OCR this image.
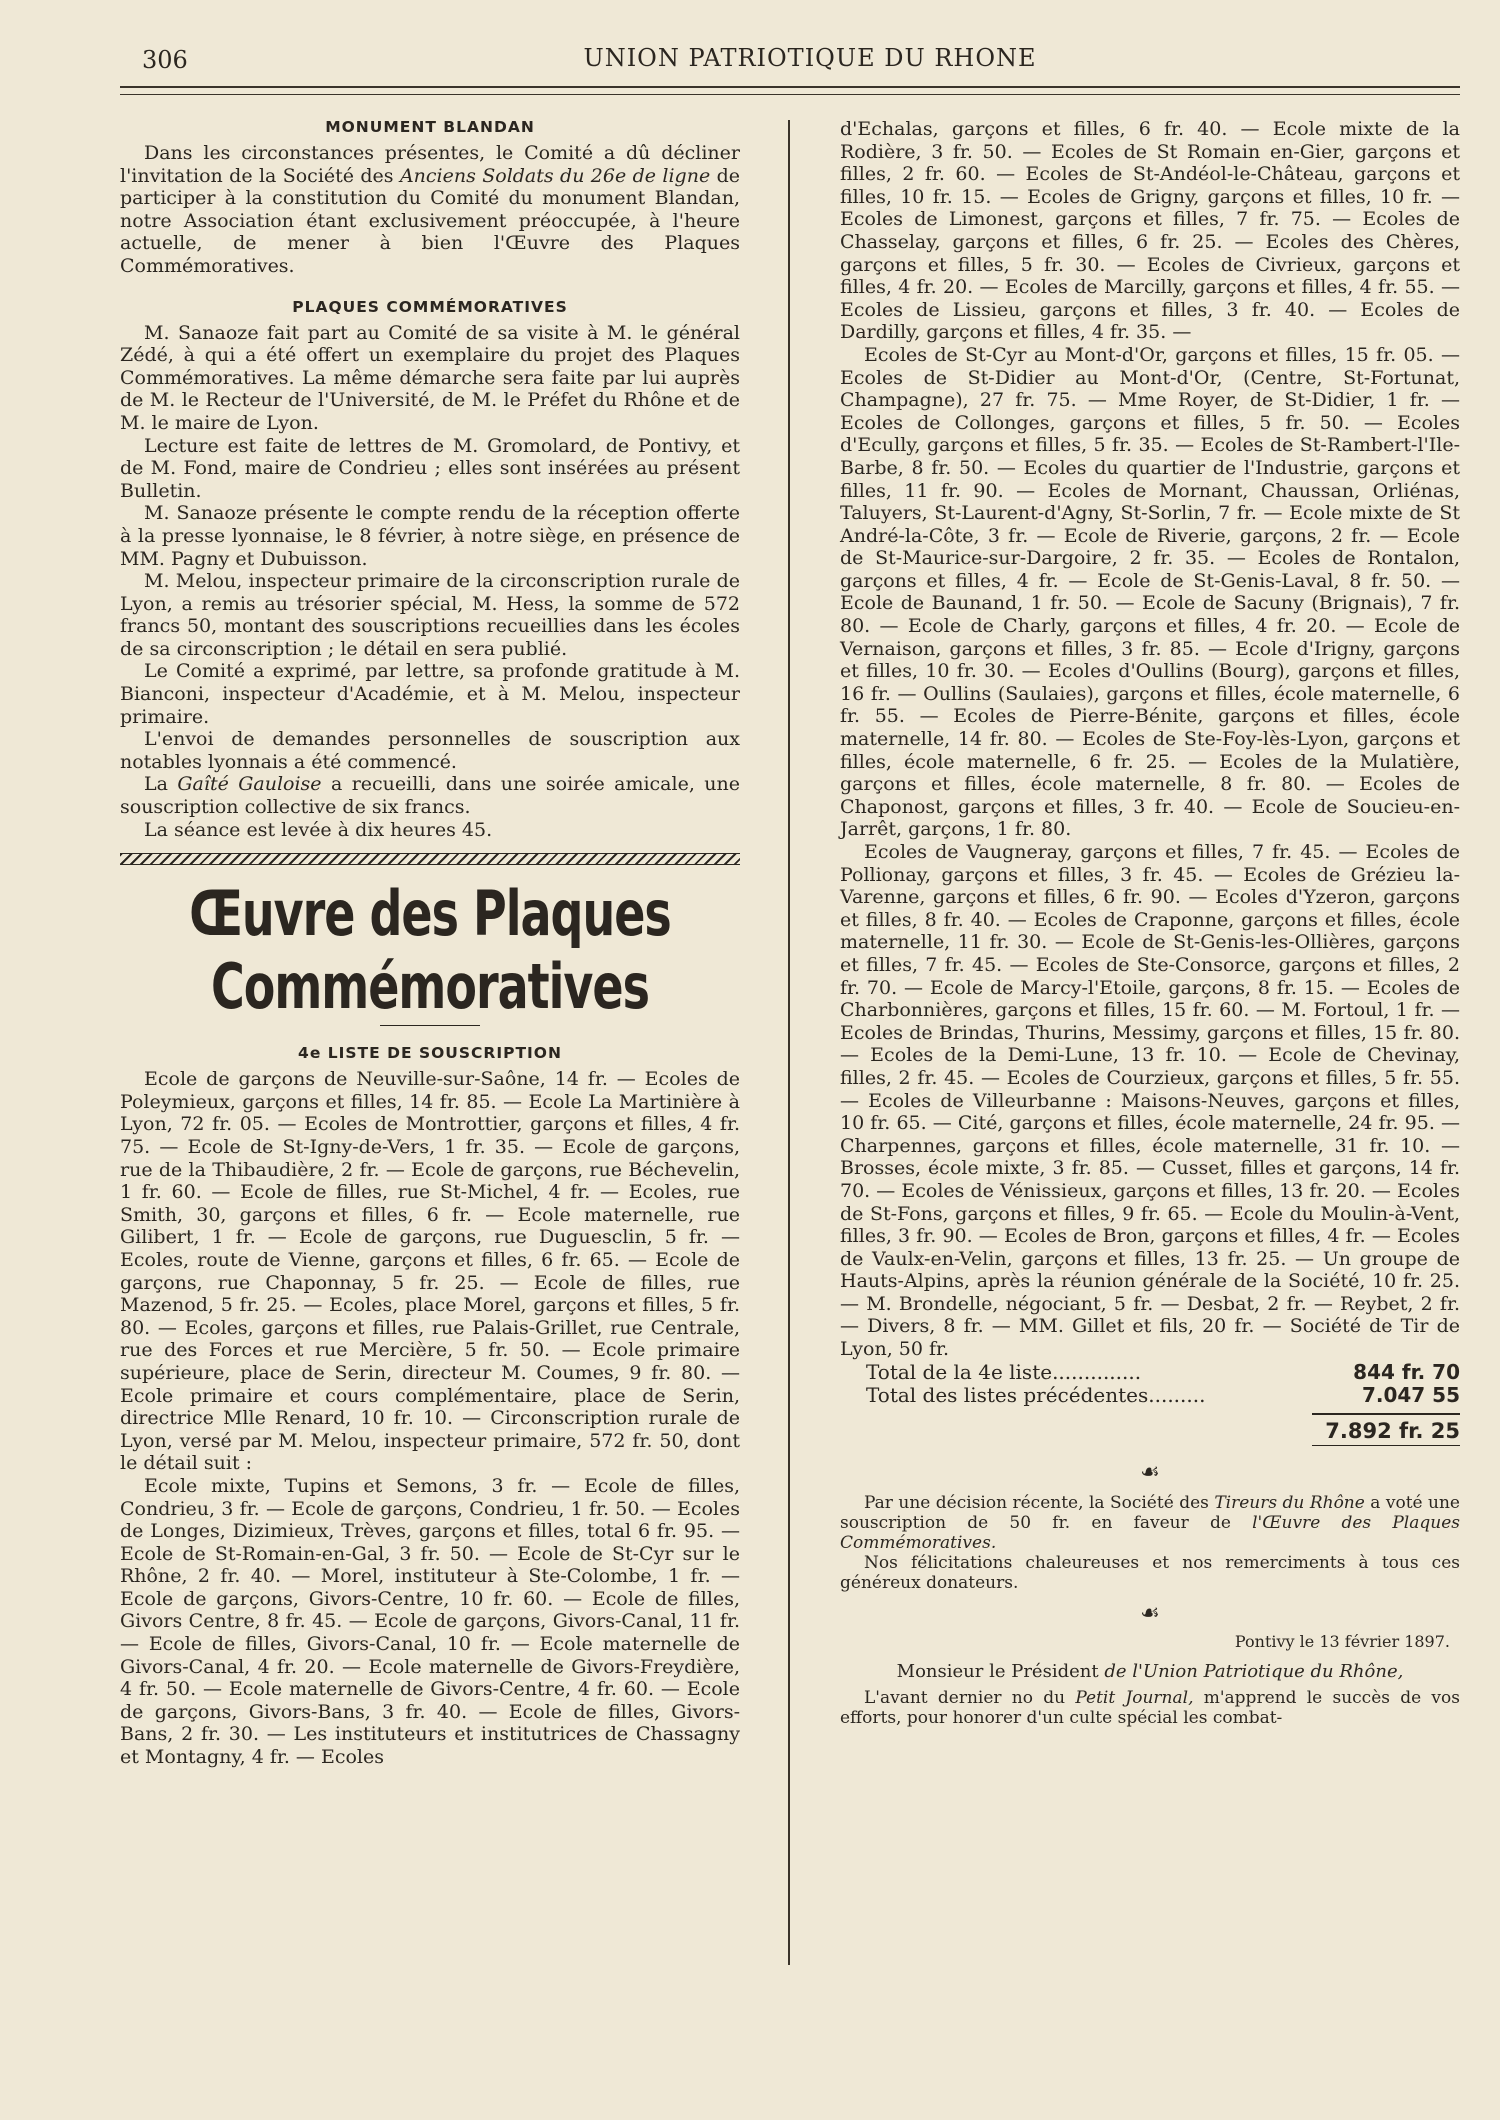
306	UNION PATRIOTIQUE DU RHONE
MONUMENT BLANDAN

Dans les circonstances présentes, le Comité a dû décliner l'invitation de la Société des Anciens Soldats du 26e de ligne de participer à la constitution du Comité du monument Blandan, notre Association étant exclusivement préoccupée, à l'heure actuelle, de mener à bien l'Œuvre des Plaques Commémoratives.

PLAQUES COMMÉMORATIVES

M. Sanaoze fait part au Comité de sa visite à M. le général Zédé, à qui a été offert un exemplaire du projet des Plaques Commémoratives. La même démarche sera faite par lui auprès de M. le Recteur de l'Université, de M. le Préfet du Rhône et de M. le maire de Lyon.

Lecture est faite de lettres de M. Gromolard, de Pontivy, et de M. Fond, maire de Condrieu ; elles sont insérées au présent Bulletin.

M. Sanaoze présente le compte rendu de la réception offerte à la presse lyonnaise, le 8 février, à notre siège, en présence de MM. Pagny et Dubuisson.

M. Melou, inspecteur primaire de la circonscription rurale de Lyon, a remis au trésorier spécial, M. Hess, la somme de 572 francs 50, montant des souscriptions recueillies dans les écoles de sa circonscription ; le détail en sera publié.

Le Comité a exprimé, par lettre, sa profonde gratitude à M. Bianconi, inspecteur d'Académie, et à M. Melou, inspecteur primaire.

L'envoi de demandes personnelles de souscription aux notables lyonnais a été commencé.

La Gaîté Gauloise a recueilli, dans une soirée amicale, une souscription collective de six francs.

La séance est levée à dix heures 45.

Œuvre des Plaques Commémoratives
4e LISTE DE SOUSCRIPTION

Ecole de garçons de Neuville-sur-Saône, 14 fr. — Ecoles de Poleymieux, garçons et filles, 14 fr. 85. — Ecole La Martinière à Lyon, 72 fr. 05. — Ecoles de Montrottier, garçons et filles, 4 fr. 75. — Ecole de St-Igny-de-Vers, 1 fr. 35. — Ecole de garçons, rue de la Thibaudière, 2 fr. — Ecole de garçons, rue Béchevelin, 1 fr. 60. — Ecole de filles, rue St-Michel, 4 fr. — Ecoles, rue Smith, 30, garçons et filles, 6 fr. — Ecole maternelle, rue Gilibert, 1 fr. — Ecole de garçons, rue Duguesclin, 5 fr. — Ecoles, route de Vienne, garçons et filles, 6 fr. 65. — Ecole de garçons, rue Chaponnay, 5 fr. 25. — Ecole de filles, rue Mazenod, 5 fr. 25. — Ecoles, place Morel, garçons et filles, 5 fr. 80. — Ecoles, garçons et filles, rue Palais-Grillet, rue Centrale, rue des Forces et rue Mercière, 5 fr. 50. — Ecole primaire supérieure, place de Serin, directeur M. Coumes, 9 fr. 80. — Ecole primaire et cours complémentaire, place de Serin, directrice Mlle Renard, 10 fr. 10. — Circonscription rurale de Lyon, versé par M. Melou, inspecteur primaire, 572 fr. 50, dont le détail suit :

Ecole mixte, Tupins et Semons, 3 fr. — Ecole de filles, Condrieu, 3 fr. — Ecole de garçons, Condrieu, 1 fr. 50. — Ecoles de Longes, Dizimieux, Trèves, garçons et filles, total 6 fr. 95. — Ecole de St-Romain-en-Gal, 3 fr. 50. — Ecole de St-Cyr sur le Rhône, 2 fr. 40. — Morel, instituteur à Ste-Colombe, 1 fr. — Ecole de garçons, Givors-Centre, 10 fr. 60. — Ecole de filles, Givors Centre, 8 fr. 45. — Ecole de garçons, Givors-Canal, 11 fr. — Ecole de filles, Givors-Canal, 10 fr. — Ecole maternelle de Givors-Canal, 4 fr. 20. — Ecole maternelle de Givors-Freydière, 4 fr. 50. — Ecole maternelle de Givors-Centre, 4 fr. 60. — Ecole de garçons, Givors-Bans, 3 fr. 40. — Ecole de filles, Givors-Bans, 2 fr. 30. — Les instituteurs et institutrices de Chassagny et Montagny, 4 fr. — Ecoles

d'Echalas, garçons et filles, 6 fr. 40. — Ecole mixte de la Rodière, 3 fr. 50. — Ecoles de St Romain en-Gier, garçons et filles, 2 fr. 60. — Ecoles de St-Andéol-le-Château, garçons et filles, 10 fr. 15. — Ecoles de Grigny, garçons et filles, 10 fr. — Ecoles de Limonest, garçons et filles, 7 fr. 75. — Ecoles de Chasselay, garçons et filles, 6 fr. 25. — Ecoles des Chères, garçons et filles, 5 fr. 30. — Ecoles de Civrieux, garçons et filles, 4 fr. 20. — Ecoles de Marcilly, garçons et filles, 4 fr. 55. — Ecoles de Lissieu, garçons et filles, 3 fr. 40. — Ecoles de Dardilly, garçons et filles, 4 fr. 35. —

Ecoles de St-Cyr au Mont-d'Or, garçons et filles, 15 fr. 05. — Ecoles de St-Didier au Mont-d'Or, (Centre, St-Fortunat, Champagne), 27 fr. 75. — Mme Royer, de St-Didier, 1 fr. — Ecoles de Collonges, garçons et filles, 5 fr. 50. — Ecoles d'Ecully, garçons et filles, 5 fr. 35. — Ecoles de St-Rambert-l'Ile-Barbe, 8 fr. 50. — Ecoles du quartier de l'Industrie, garçons et filles, 11 fr. 90. — Ecoles de Mornant, Chaussan, Orliénas, Taluyers, St-Laurent-d'Agny, St-Sorlin, 7 fr. — Ecole mixte de St André-la-Côte, 3 fr. — Ecole de Riverie, garçons, 2 fr. — Ecole de St-Maurice-sur-Dargoire, 2 fr. 35. — Ecoles de Rontalon, garçons et filles, 4 fr. — Ecole de St-Genis-Laval, 8 fr. 50. — Ecole de Baunand, 1 fr. 50. — Ecole de Sacuny (Brignais), 7 fr. 80. — Ecole de Charly, garçons et filles, 4 fr. 20. — Ecole de Vernaison, garçons et filles, 3 fr. 85. — Ecole d'Irigny, garçons et filles, 10 fr. 30. — Ecoles d'Oullins (Bourg), garçons et filles, 16 fr. — Oullins (Saulaies), garçons et filles, école maternelle, 6 fr. 55. — Ecoles de Pierre-Bénite, garçons et filles, école maternelle, 14 fr. 80. — Ecoles de Ste-Foy-lès-Lyon, garçons et filles, école maternelle, 6 fr. 25. — Ecoles de la Mulatière, garçons et filles, école maternelle, 8 fr. 80. — Ecoles de Chaponost, garçons et filles, 3 fr. 40. — Ecole de Soucieu-en-Jarrêt, garçons, 1 fr. 80.

Ecoles de Vaugneray, garçons et filles, 7 fr. 45. — Ecoles de Pollionay, garçons et filles, 3 fr. 45. — Ecoles de Grézieu la-Varenne, garçons et filles, 6 fr. 90. — Ecoles d'Yzeron, garçons et filles, 8 fr. 40. — Ecoles de Craponne, garçons et filles, école maternelle, 11 fr. 30. — Ecole de St-Genis-les-Ollières, garçons et filles, 7 fr. 45. — Ecoles de Ste-Consorce, garçons et filles, 2 fr. 70. — Ecole de Marcy-l'Etoile, garçons, 8 fr. 15. — Ecoles de Charbonnières, garçons et filles, 15 fr. 60. — M. Fortoul, 1 fr. — Ecoles de Brindas, Thurins, Messimy, garçons et filles, 15 fr. 80. — Ecoles de la Demi-Lune, 13 fr. 10. — Ecole de Chevinay, filles, 2 fr. 45. — Ecoles de Courzieux, garçons et filles, 5 fr. 55. — Ecoles de Villeurbanne : Maisons-Neuves, garçons et filles, 10 fr. 65. — Cité, garçons et filles, école maternelle, 24 fr. 95. — Charpennes, garçons et filles, école maternelle, 31 fr. 10. — Brosses, école mixte, 3 fr. 85. — Cusset, filles et garçons, 14 fr. 70. — Ecoles de Vénissieux, garçons et filles, 13 fr. 20. — Ecoles de St-Fons, garçons et filles, 9 fr. 65. — Ecole du Moulin-à-Vent, filles, 3 fr. 90. — Ecoles de Bron, garçons et filles, 4 fr. — Ecoles de Vaulx-en-Velin, garçons et filles, 13 fr. 25. — Un groupe de Hauts-Alpins, après la réunion générale de la Société, 10 fr. 25. — M. Brondelle, négociant, 5 fr. — Desbat, 2 fr. — Reybet, 2 fr. — Divers, 8 fr. — MM. Gillet et fils, 20 fr. — Société de Tir de Lyon, 50 fr.

Total de la 4e liste..............	844 fr. 70
Total des listes précédentes.........	7.047 55
7.892 fr. 25
☙

Par une décision récente, la Société des Tireurs du Rhône a voté une souscription de 50 fr. en faveur de l'Œuvre des Plaques Commémoratives.

Nos félicitations chaleureuses et nos remerciments à tous ces généreux donateurs.

☙
Pontivy le 13 février 1897.
Monsieur le Président de l'Union Patriotique du Rhône,

L'avant dernier no du Petit Journal, m'apprend le succès de vos efforts, pour honorer d'un culte spécial les combat-
